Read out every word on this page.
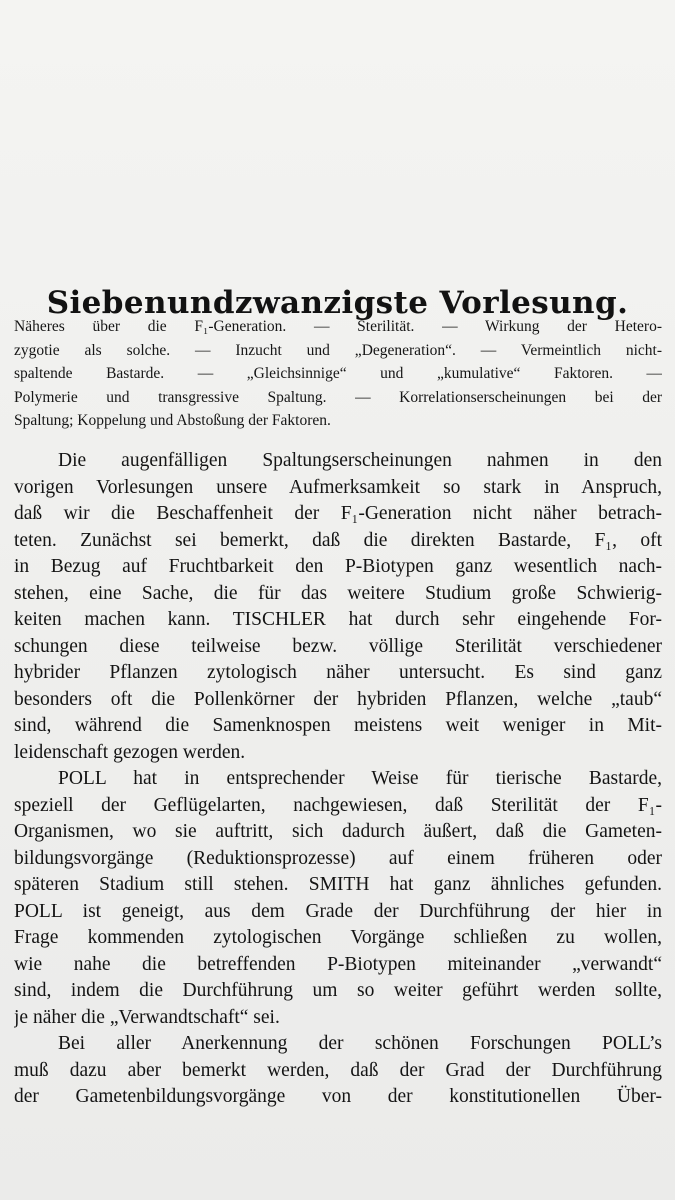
Siebenundzwanzigste Vorlesung.
Näheres über die F₁-Generation. — Sterilität. — Wirkung der Hetero-
zygotie als solche. — Inzucht und „Degeneration“. — Vermeintlich nicht-
spaltende Bastarde. — „Gleichsinnige“ und „kumulative“ Faktoren. —
Polymerie und transgressive Spaltung. — Korrelationserscheinungen bei der
Spaltung; Koppelung und Abstoßung der Faktoren.
Die augenfälligen Spaltungserscheinungen nahmen in den
vorigen Vorlesungen unsere Aufmerksamkeit so stark in Anspruch,
daß wir die Beschaffenheit der F₁-Generation nicht näher betrach-
teten. Zunächst sei bemerkt, daß die direkten Bastarde, F₁, oft
in Bezug auf Fruchtbarkeit den P-Biotypen ganz wesentlich nach-
stehen, eine Sache, die für das weitere Studium große Schwierig-
keiten machen kann. TISCHLER hat durch sehr eingehende For-
schungen diese teilweise bezw. völlige Sterilität verschiedener
hybrider Pflanzen zytologisch näher untersucht. Es sind ganz
besonders oft die Pollenkörner der hybriden Pflanzen, welche „taub“
sind, während die Samenknospen meistens weit weniger in Mit-
leidenschaft gezogen werden.
POLL hat in entsprechender Weise für tierische Bastarde,
speziell der Geflügelarten, nachgewiesen, daß Sterilität der F₁-
Organismen, wo sie auftritt, sich dadurch äußert, daß die Gameten-
bildungsvorgänge (Reduktionsprozesse) auf einem früheren oder
späteren Stadium still stehen. SMITH hat ganz ähnliches gefunden.
POLL ist geneigt, aus dem Grade der Durchführung der hier in
Frage kommenden zytologischen Vorgänge schließen zu wollen,
wie nahe die betreffenden P-Biotypen miteinander „verwandt“
sind, indem die Durchführung um so weiter geführt werden sollte,
je näher die „Verwandtschaft“ sei.
Bei aller Anerkennung der schönen Forschungen POLL’s
muß dazu aber bemerkt werden, daß der Grad der Durchführung
der Gametenbildungsvorgänge von der konstitutionellen Über-
